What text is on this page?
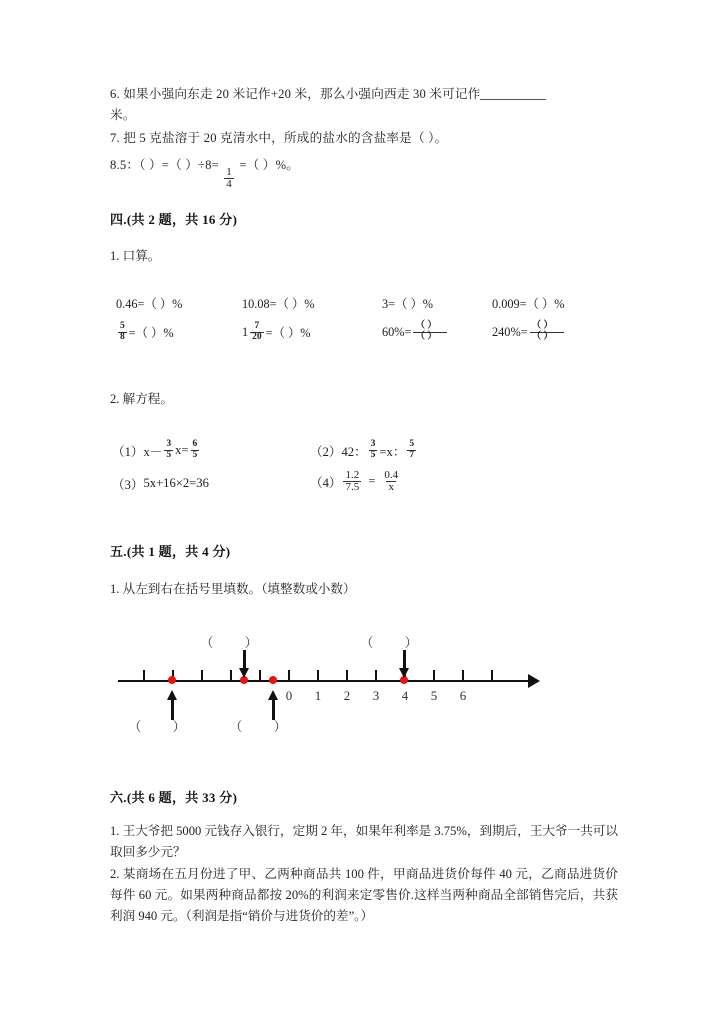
6. 如果小强向东走 20 米记作+20 米，那么小强向西走 30 米可记作
米。
7. 把 5 克盐溶于 20 克清水中，所成的盐水的含盐率是（ ）。
8.5：（ ）=（ ）÷8=
$\frac{1}{4}$
=（ ）%。
四.(共 2 题，共 16 分)
1. 口算。
0.46=（ ）%	10.08=（ ）%	3=（ ）%	0.009=（ ）%
$\frac{5}{8}$ =（ ）%	$1 \frac{7}{20}$ =（ ）%	$60\%= \frac{( )}{( )}$	$240\%= \frac{( )}{( )}$
2. 解方程。
（1） $x- \frac{3}{5} x= \frac{6}{5}$	（2） 42： $\frac{3}{5} =x$： $\frac{5}{7}$
（3） 5x+16×2=36	$(4) \frac{1.2}{7.5} = \frac{0.4}{x}$
五.(共 1 题，共 4 分)
1. 从左到右在括号里填数。（填整数或小数）
0 1 2 3 4 5 6
（ ）	（ ）
（ ） （ ）
六.(共 6 题，共 33 分)
1. 王大爷把 5000 元钱存入银行，定期 2 年，如果年利率是 3.75%，到期后，王大爷一共可以取回多少元？
2. 某商场在五月份进了甲、乙两种商品共 100 件，甲商品进货价每件 40 元，乙商品进货价每件 60 元。如果两种商品都按 20%的利润来定零售价.这样当两种商品全部销售完后，共获利润 940 元。（利润是指“销价与进货价的差”。）
